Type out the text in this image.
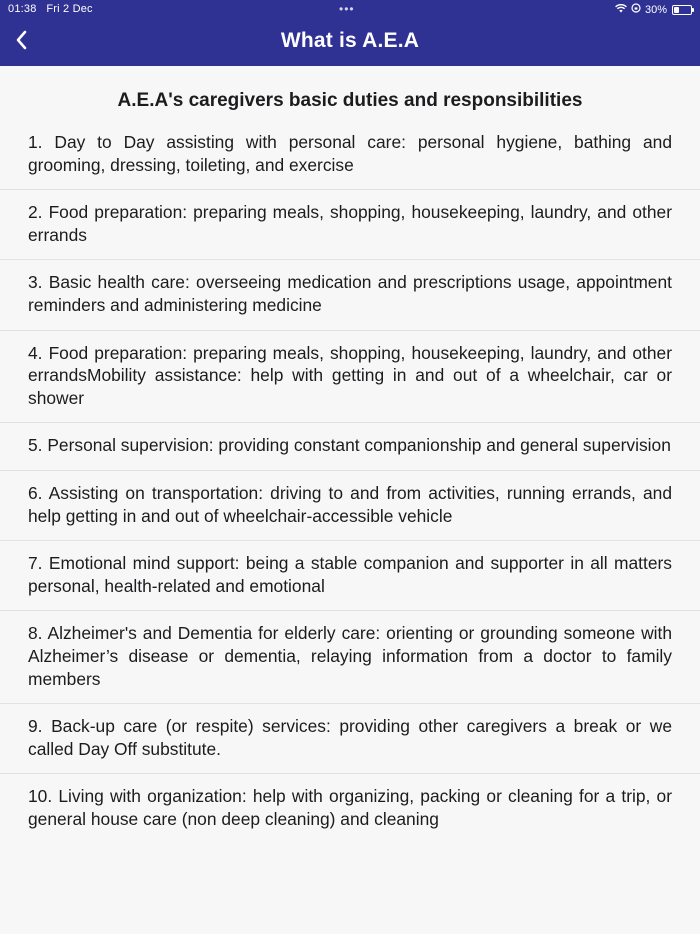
01:38 Fri 2 Dec	•••	30%
What is A.E.A
A.E.A's caregivers basic duties and responsibilities
1. Day to Day assisting with personal care: personal hygiene, bathing and grooming, dressing, toileting, and exercise
2. Food preparation: preparing meals, shopping, housekeeping, laundry, and other errands
3. Basic health care: overseeing medication and prescriptions usage, appointment reminders and administering medicine
4. Food preparation: preparing meals, shopping, housekeeping, laundry, and other errandsMobility assistance: help with getting in and out of a wheelchair, car or shower
5. Personal supervision: providing constant companionship and general supervision
6. Assisting on transportation: driving to and from activities, running errands, and help getting in and out of wheelchair-accessible vehicle
7. Emotional mind support: being a stable companion and supporter in all matters personal, health-related and emotional
8. Alzheimer's and Dementia for elderly care: orienting or grounding someone with Alzheimer’s disease or dementia, relaying information from a doctor to family members
9. Back-up care (or respite) services: providing other caregivers a break or we called Day Off substitute.
10. Living with organization: help with organizing, packing or cleaning for a trip, or general house care (non deep cleaning) and cleaning
